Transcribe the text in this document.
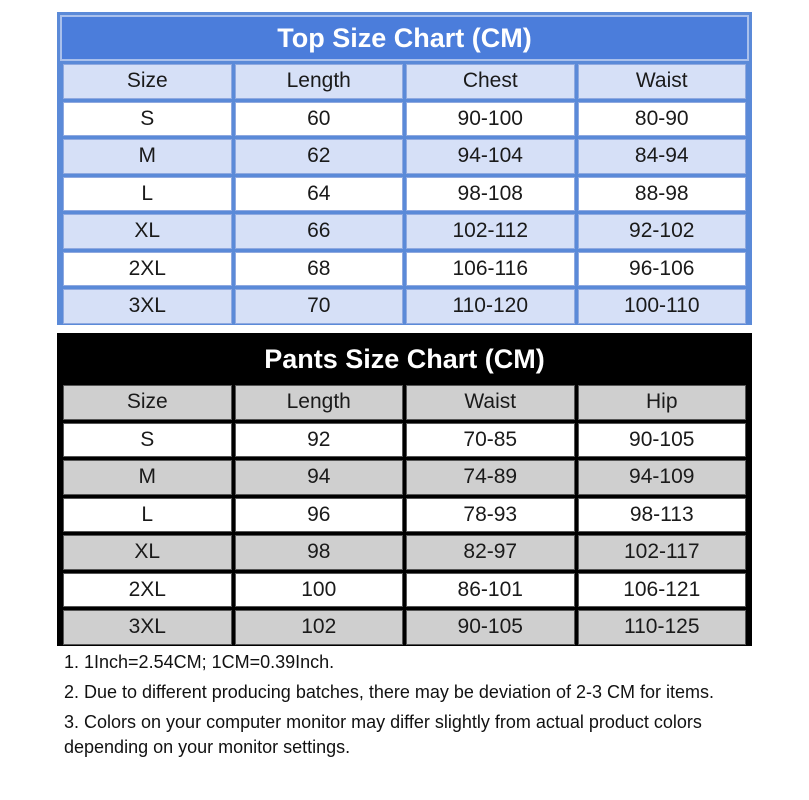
Top Size Chart (CM)
Size	Length	Chest	Waist
S	60	90-100	80-90
M	62	94-104	84-94
L	64	98-108	88-98
XL	66	102-112	92-102
2XL	68	106-116	96-106
3XL	70	110-120	100-110
Pants Size Chart (CM)
Size	Length	Waist	Hip
S	92	70-85	90-105
M	94	74-89	94-109
L	96	78-93	98-113
XL	98	82-97	102-117
2XL	100	86-101	106-121
3XL	102	90-105	110-125

1. 1Inch=2.54CM; 1CM=0.39Inch.

2. Due to different producing batches, there may be deviation of 2-3 CM for items.

3. Colors on your computer monitor may differ slightly from actual product colors depending on your monitor settings.
